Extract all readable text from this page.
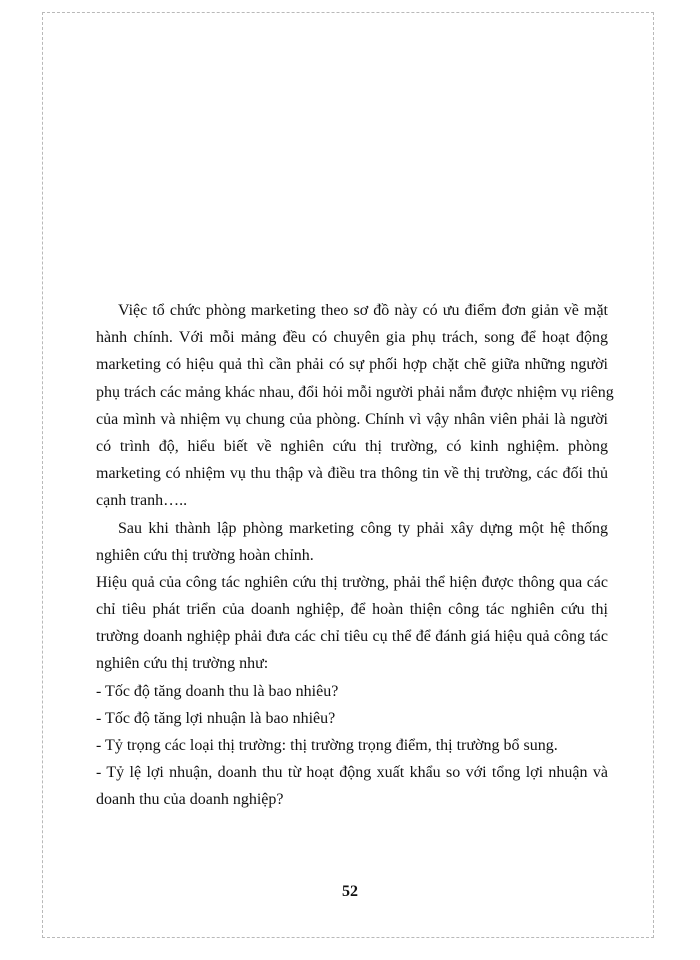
Việc tổ chức phòng marketing theo sơ đồ này có ưu điểm đơn giản về mặt
hành chính. Với mỗi mảng đều có chuyên gia phụ trách, song để hoạt động
marketing có hiệu quả thì cần phải có sự phối hợp chặt chẽ giữa những người
phụ trách các mảng khác nhau, đổi hỏi mỗi người phải nắm được nhiệm vụ riêng
của mình và nhiệm vụ chung của phòng. Chính vì vậy nhân viên phải là người
có trình độ, hiểu biết về nghiên cứu thị trường, có kinh nghiệm. phòng
marketing có nhiệm vụ thu thập và điều tra thông tin về thị trường, các đối thủ
cạnh tranh…..
Sau khi thành lập phòng marketing công ty phải xây dựng một hệ thống
nghiên cứu thị trường hoàn chỉnh.
Hiệu quả của công tác nghiên cứu thị trường, phải thể hiện được thông qua các
chỉ tiêu phát triển của doanh nghiệp, để hoàn thiện công tác nghiên cứu thị
trường doanh nghiệp phải đưa các chỉ tiêu cụ thể để đánh giá hiệu quả công tác
nghiên cứu thị trường như:
- Tốc độ tăng doanh thu là bao nhiêu?
- Tốc độ tăng lợi nhuận là bao nhiêu?
- Tỷ trọng các loại thị trường: thị trường trọng điểm, thị trường bổ sung.
- Tỷ lệ lợi nhuận, doanh thu từ hoạt động xuất khẩu so với tổng lợi nhuận và
doanh thu của doanh nghiệp?
52
